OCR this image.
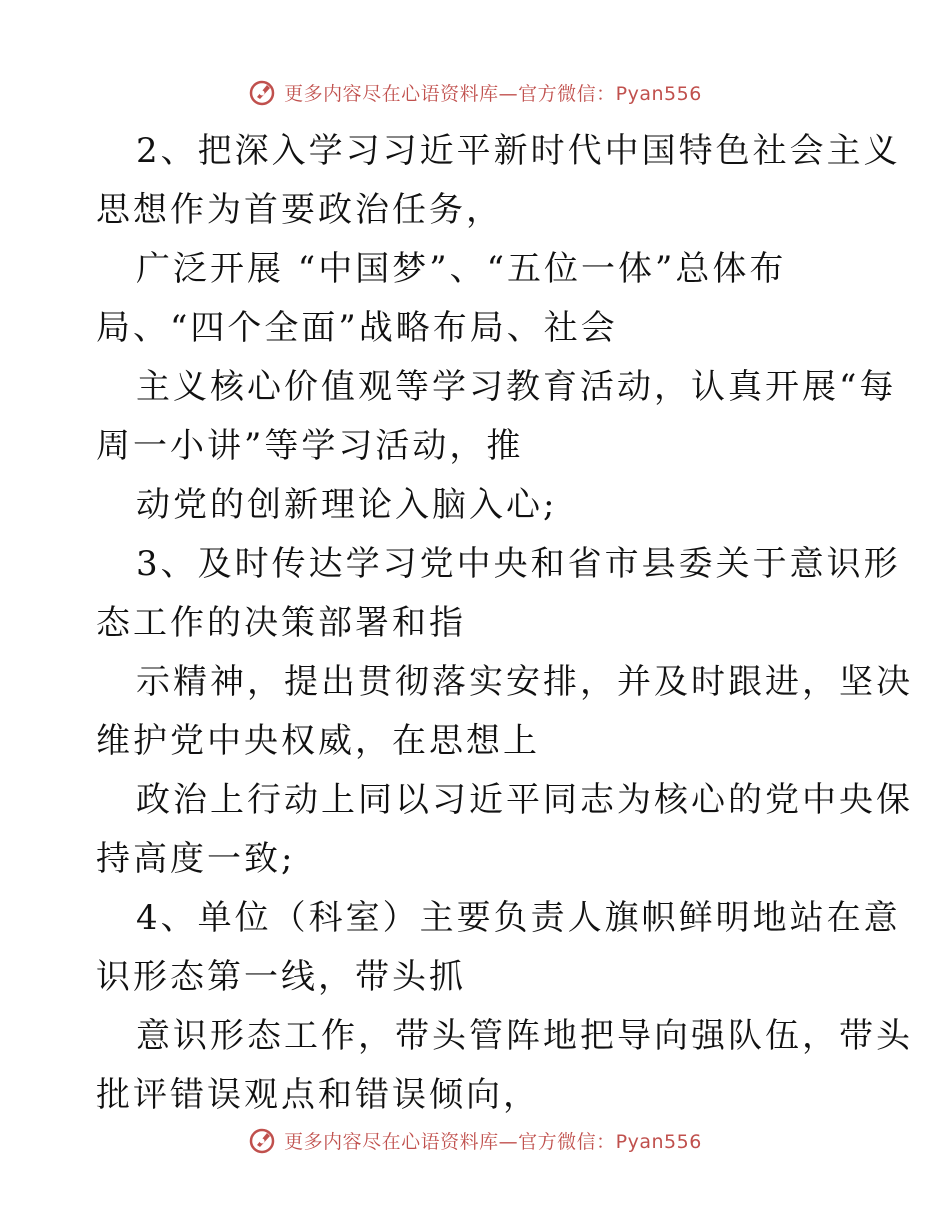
更多内容尽在心语资料库—官方微信：Pyan556
2、把深入学习习近平新时代中国特色社会主义
思想作为首要政治任务，
广泛开展 “中国梦”、“五位一体”总体布
局、“四个全面”战略布局、社会
主义核心价值观等学习教育活动，认真开展“每
周一小讲”等学习活动，推
动党的创新理论入脑入心;
3、及时传达学习党中央和省市县委关于意识形
态工作的决策部署和指
示精神，提出贯彻落实安排，并及时跟进，坚决
维护党中央权威，在思想上
政治上行动上同以习近平同志为核心的党中央保
持高度一致;
4、单位（科室）主要负责人旗帜鲜明地站在意
识形态第一线，带头抓
意识形态工作，带头管阵地把导向强队伍，带头
批评错误观点和错误倾向，
更多内容尽在心语资料库—官方微信：Pyan556
